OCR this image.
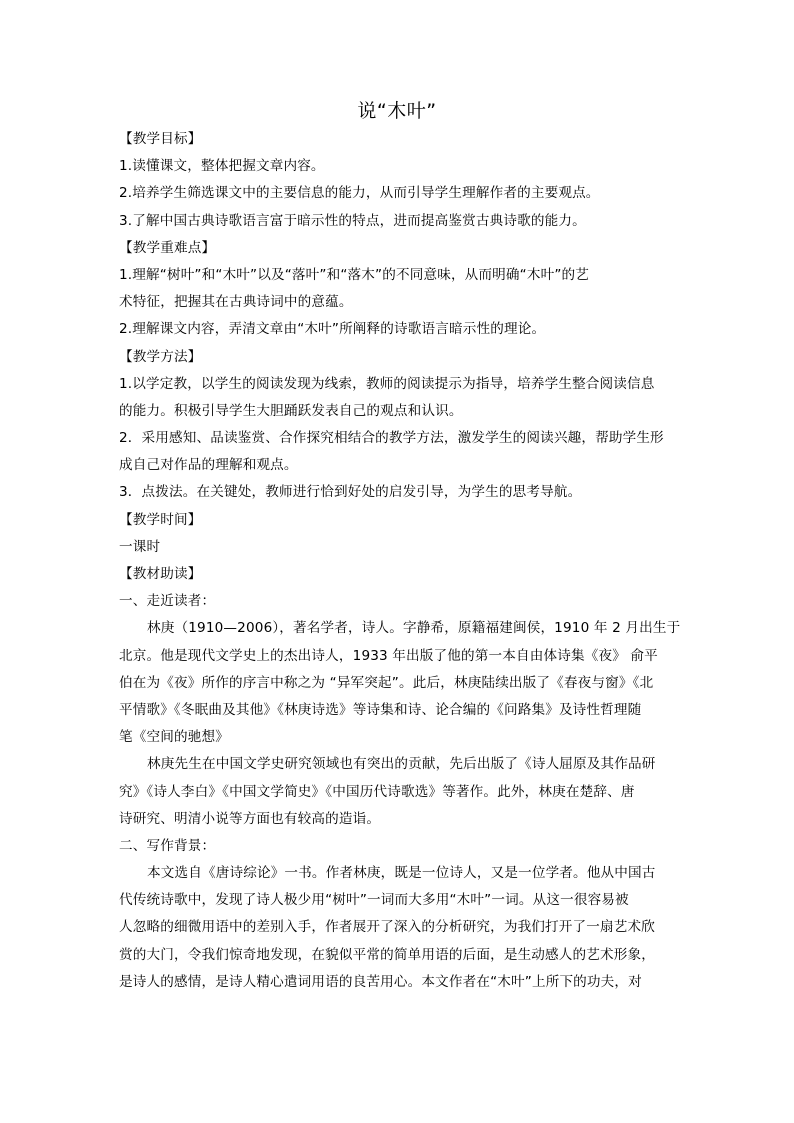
说“木叶”
【教学目标】
1.读懂课文，整体把握文章内容。
2.培养学生筛选课文中的主要信息的能力，从而引导学生理解作者的主要观点。
3.了解中国古典诗歌语言富于暗示性的特点，进而提高鉴赏古典诗歌的能力。
【教学重难点】
1.理解“树叶”和“木叶”以及“落叶”和“落木”的不同意味，从而明确“木叶”的艺
术特征，把握其在古典诗词中的意蕴。
2.理解课文内容，弄清文章由“木叶”所阐释的诗歌语言暗示性的理论。
【教学方法】
1.以学定教，以学生的阅读发现为线索，教师的阅读提示为指导，培养学生整合阅读信息
的能力。积极引导学生大胆踊跃发表自己的观点和认识。
2．采用感知、品读鉴赏、合作探究相结合的教学方法，激发学生的阅读兴趣，帮助学生形
成自己对作品的理解和观点。
3．点拨法。在关键处，教师进行恰到好处的启发引导，为学生的思考导航。
【教学时间】
一课时
【教材助读】
一、走近读者：
林庚（1910—2006），著名学者，诗人。字静希，原籍福建闽侯，1910 年 2 月出生于
北京。他是现代文学史上的杰出诗人，1933 年出版了他的第一本自由体诗集《夜》 俞平
伯在为《夜》所作的序言中称之为 “异军突起”。此后，林庚陆续出版了《春夜与窗》《北
平情歌》《冬眠曲及其他》《林庚诗选》等诗集和诗、论合编的《问路集》及诗性哲理随
笔《空间的驰想》
林庚先生在中国文学史研究领域也有突出的贡献，先后出版了《诗人屈原及其作品研
究》《诗人李白》《中国文学简史》《中国历代诗歌选》等著作。此外，林庚在楚辞、唐
诗研究、明清小说等方面也有较高的造诣。
二、写作背景：
本文选自《唐诗综论》一书。作者林庚，既是一位诗人，又是一位学者。他从中国古
代传统诗歌中，发现了诗人极少用“树叶”一词而大多用“木叶”一词。从这一很容易被
人忽略的细微用语中的差别入手，作者展开了深入的分析研究，为我们打开了一扇艺术欣
赏的大门，令我们惊奇地发现，在貌似平常的简单用语的后面，是生动感人的艺术形象，
是诗人的感情，是诗人精心遣词用语的良苦用心。本文作者在“木叶”上所下的功夫，对
